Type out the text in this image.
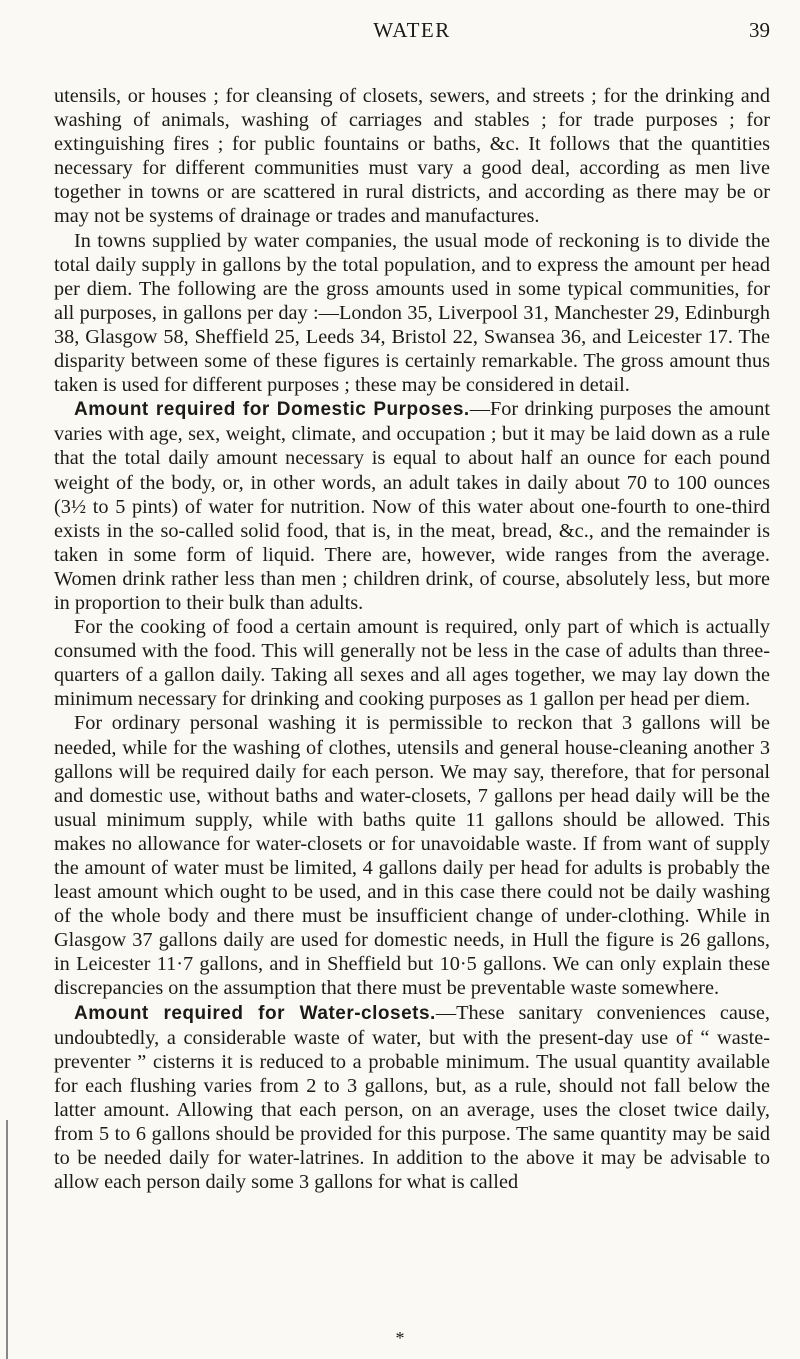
WATER	39

utensils, or houses ; for cleansing of closets, sewers, and streets ; for the drinking and washing of animals, washing of carriages and stables ; for trade purposes ; for extinguishing fires ; for public fountains or baths, &c. It follows that the quantities necessary for different communities must vary a good deal, according as men live together in towns or are scattered in rural districts, and according as there may be or may not be systems of drainage or trades and manufactures.

In towns supplied by water companies, the usual mode of reckoning is to divide the total daily supply in gallons by the total population, and to express the amount per head per diem. The following are the gross amounts used in some typical communities, for all purposes, in gallons per day :—London 35, Liverpool 31, Manchester 29, Edinburgh 38, Glasgow 58, Sheffield 25, Leeds 34, Bristol 22, Swansea 36, and Leicester 17. The disparity between some of these figures is certainly remarkable. The gross amount thus taken is used for different purposes ; these may be considered in detail.

Amount required for Domestic Purposes.—For drinking purposes the amount varies with age, sex, weight, climate, and occupation ; but it may be laid down as a rule that the total daily amount necessary is equal to about half an ounce for each pound weight of the body, or, in other words, an adult takes in daily about 70 to 100 ounces (3½ to 5 pints) of water for nutrition. Now of this water about one-fourth to one-third exists in the so-called solid food, that is, in the meat, bread, &c., and the remainder is taken in some form of liquid. There are, however, wide ranges from the average. Women drink rather less than men ; children drink, of course, absolutely less, but more in proportion to their bulk than adults.

For the cooking of food a certain amount is required, only part of which is actually consumed with the food. This will generally not be less in the case of adults than three-quarters of a gallon daily. Taking all sexes and all ages together, we may lay down the minimum necessary for drinking and cooking purposes as 1 gallon per head per diem.

For ordinary personal washing it is permissible to reckon that 3 gallons will be needed, while for the washing of clothes, utensils and general house-cleaning another 3 gallons will be required daily for each person. We may say, therefore, that for personal and domestic use, without baths and water-closets, 7 gallons per head daily will be the usual minimum supply, while with baths quite 11 gallons should be allowed. This makes no allowance for water-closets or for unavoidable waste. If from want of supply the amount of water must be limited, 4 gallons daily per head for adults is probably the least amount which ought to be used, and in this case there could not be daily washing of the whole body and there must be insufficient change of under-clothing. While in Glasgow 37 gallons daily are used for domestic needs, in Hull the figure is 26 gallons, in Leicester 11·7 gallons, and in Sheffield but 10·5 gallons. We can only explain these discrepancies on the assumption that there must be preventable waste somewhere.

Amount required for Water-closets.—These sanitary conveniences cause, undoubtedly, a considerable waste of water, but with the present-day use of “ waste-preventer ” cisterns it is reduced to a probable minimum. The usual quantity available for each flushing varies from 2 to 3 gallons, but, as a rule, should not fall below the latter amount. Allowing that each person, on an average, uses the closet twice daily, from 5 to 6 gallons should be provided for this purpose. The same quantity may be said to be needed daily for water-latrines. In addition to the above it may be advisable to allow each person daily some 3 gallons for what is called

*
